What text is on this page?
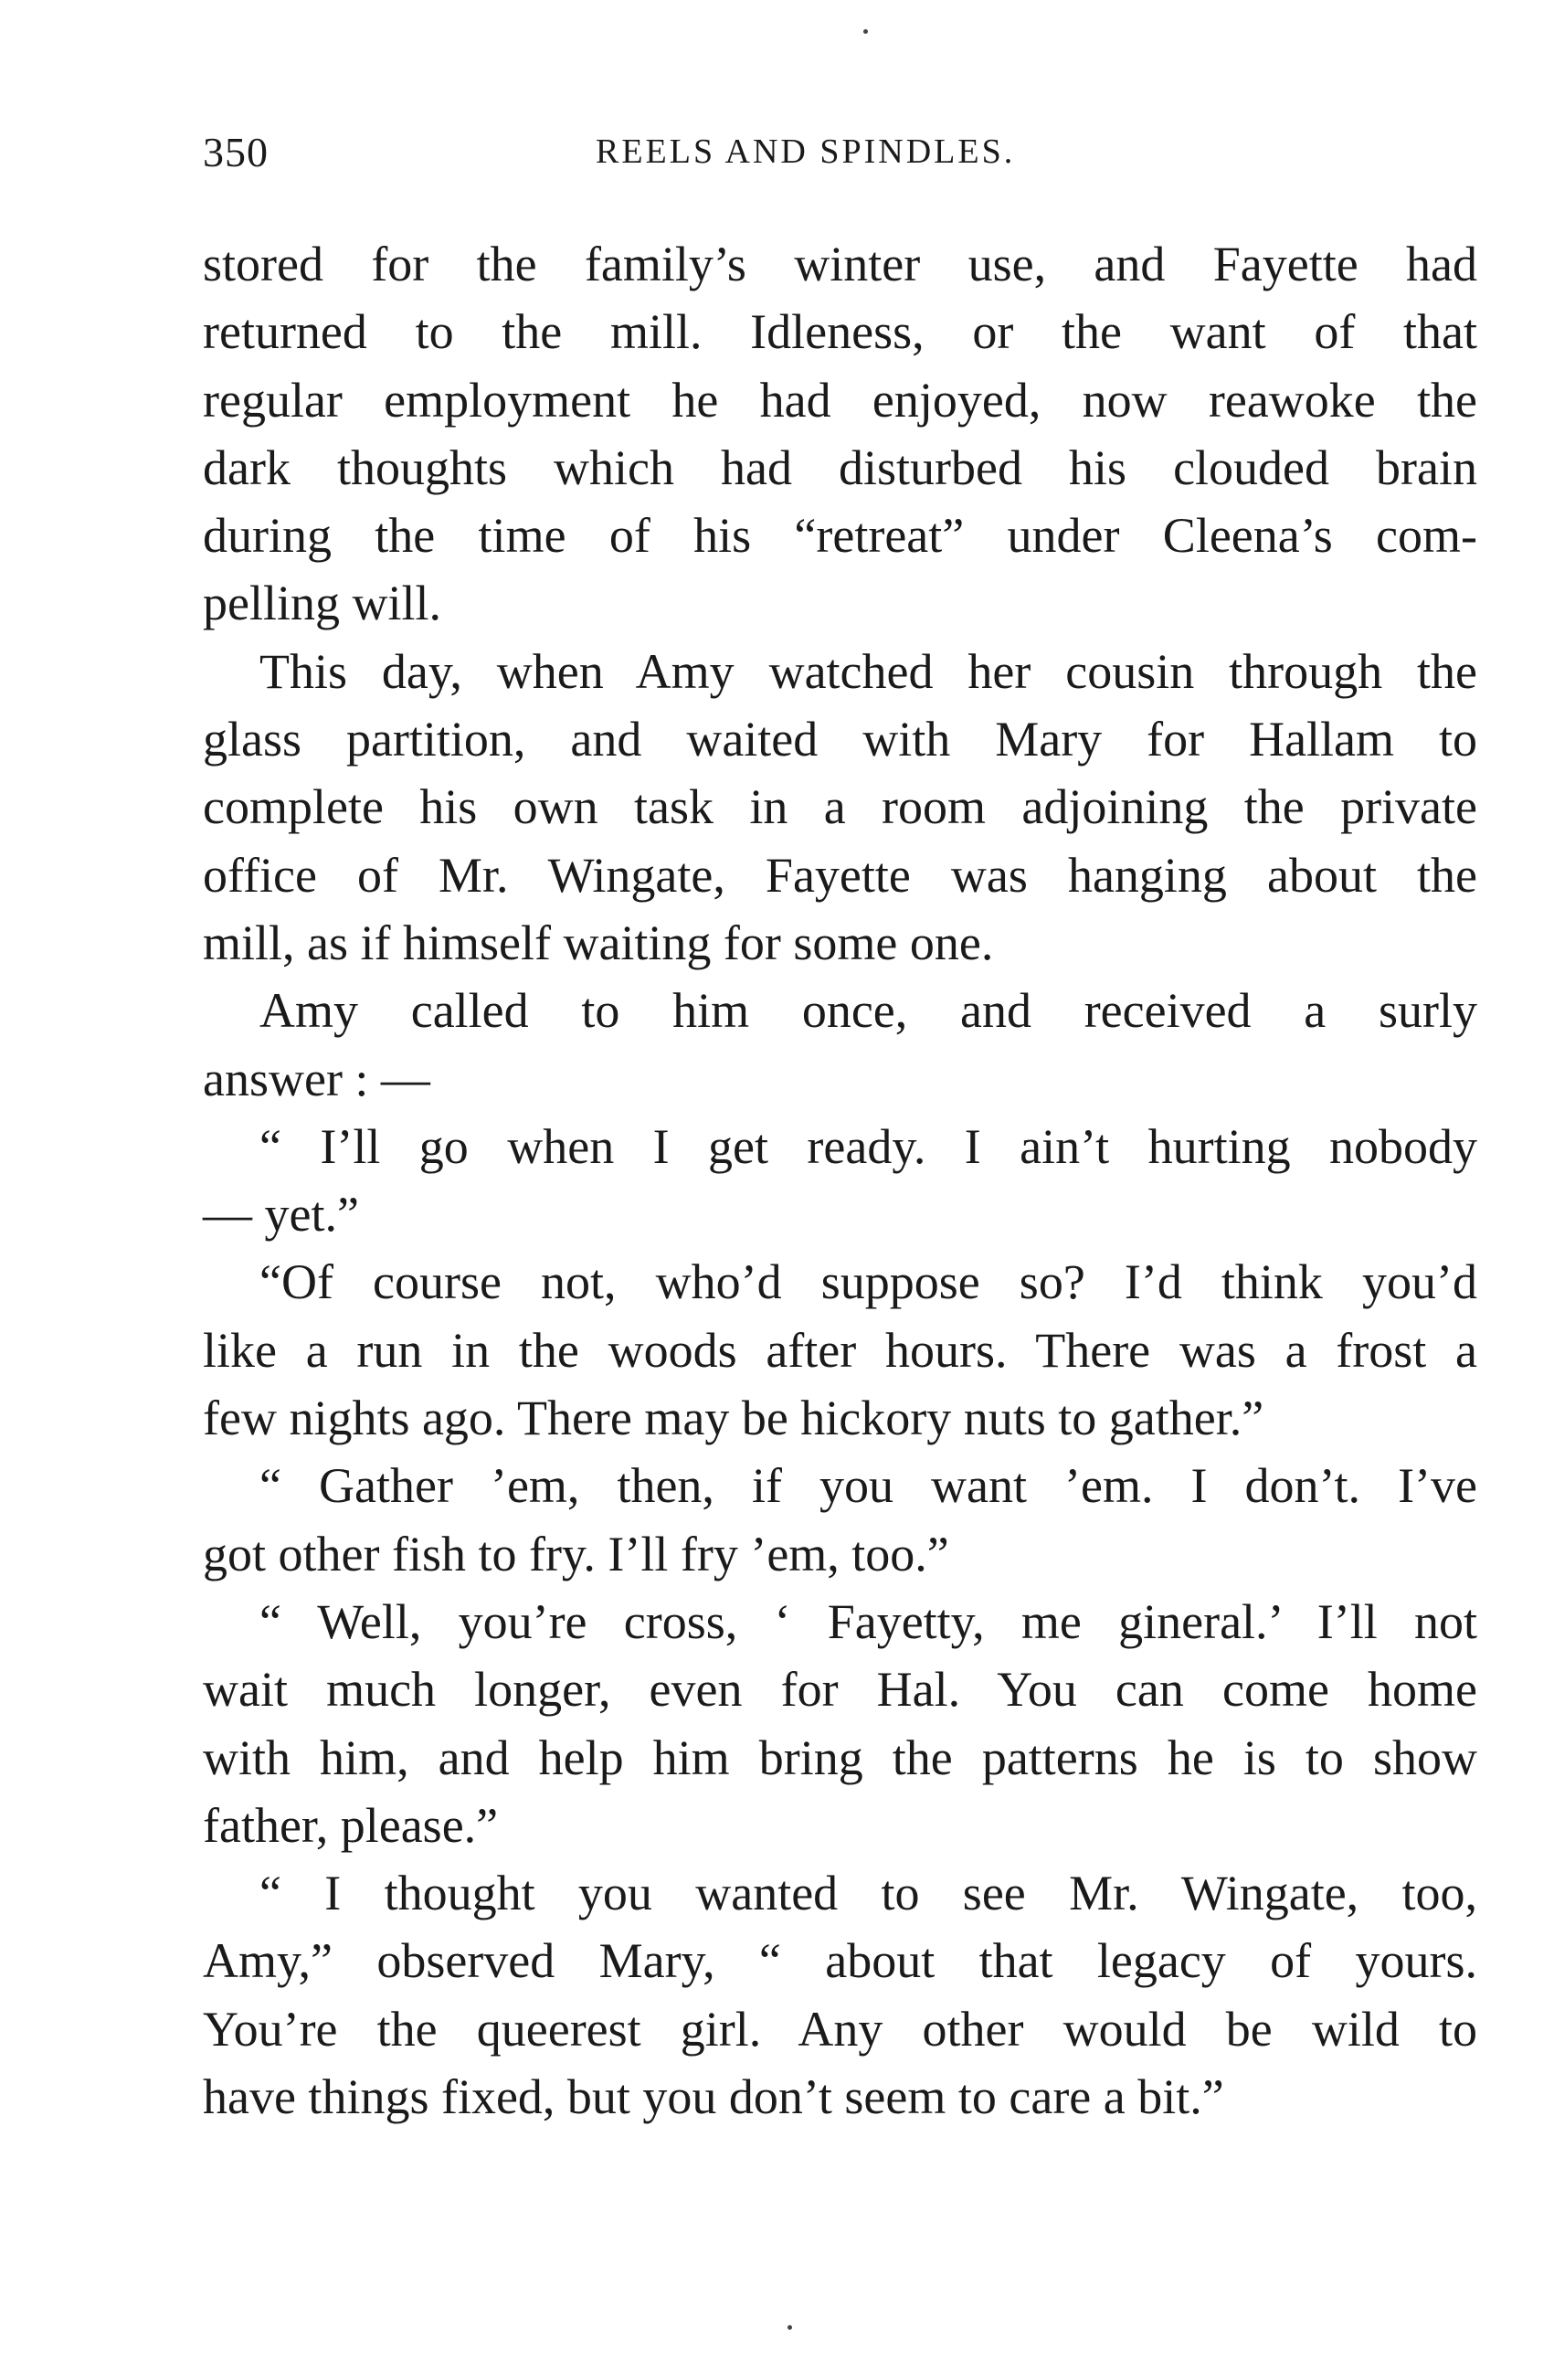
350	REELS AND SPINDLES.

stored for the family’s winter use, and Fayette had

returned to the mill. Idleness, or the want of that

regular employment he had enjoyed, now reawoke the

dark thoughts which had disturbed his clouded brain

during the time of his “retreat” under Cleena’s com-

pelling will.

This day, when Amy watched her cousin through the

glass partition, and waited with Mary for Hallam to

complete his own task in a room adjoining the private

office of Mr. Wingate, Fayette was hanging about the

mill, as if himself waiting for some one.

Amy called to him once, and received a surly

answer : —

“ I’ll go when I get ready. I ain’t hurting nobody

— yet.”

“Of course not, who’d suppose so? I’d think you’d

like a run in the woods after hours. There was a frost a

few nights ago. There may be hickory nuts to gather.”

“ Gather ’em, then, if you want ’em. I don’t. I’ve

got other fish to fry. I’ll fry ’em, too.”

“ Well, you’re cross, ‘ Fayetty, me gineral.’ I’ll not

wait much longer, even for Hal. You can come home

with him, and help him bring the patterns he is to show

father, please.”

“ I thought you wanted to see Mr. Wingate, too,

Amy,” observed Mary, “ about that legacy of yours.

You’re the queerest girl. Any other would be wild to

have things fixed, but you don’t seem to care a bit.”
